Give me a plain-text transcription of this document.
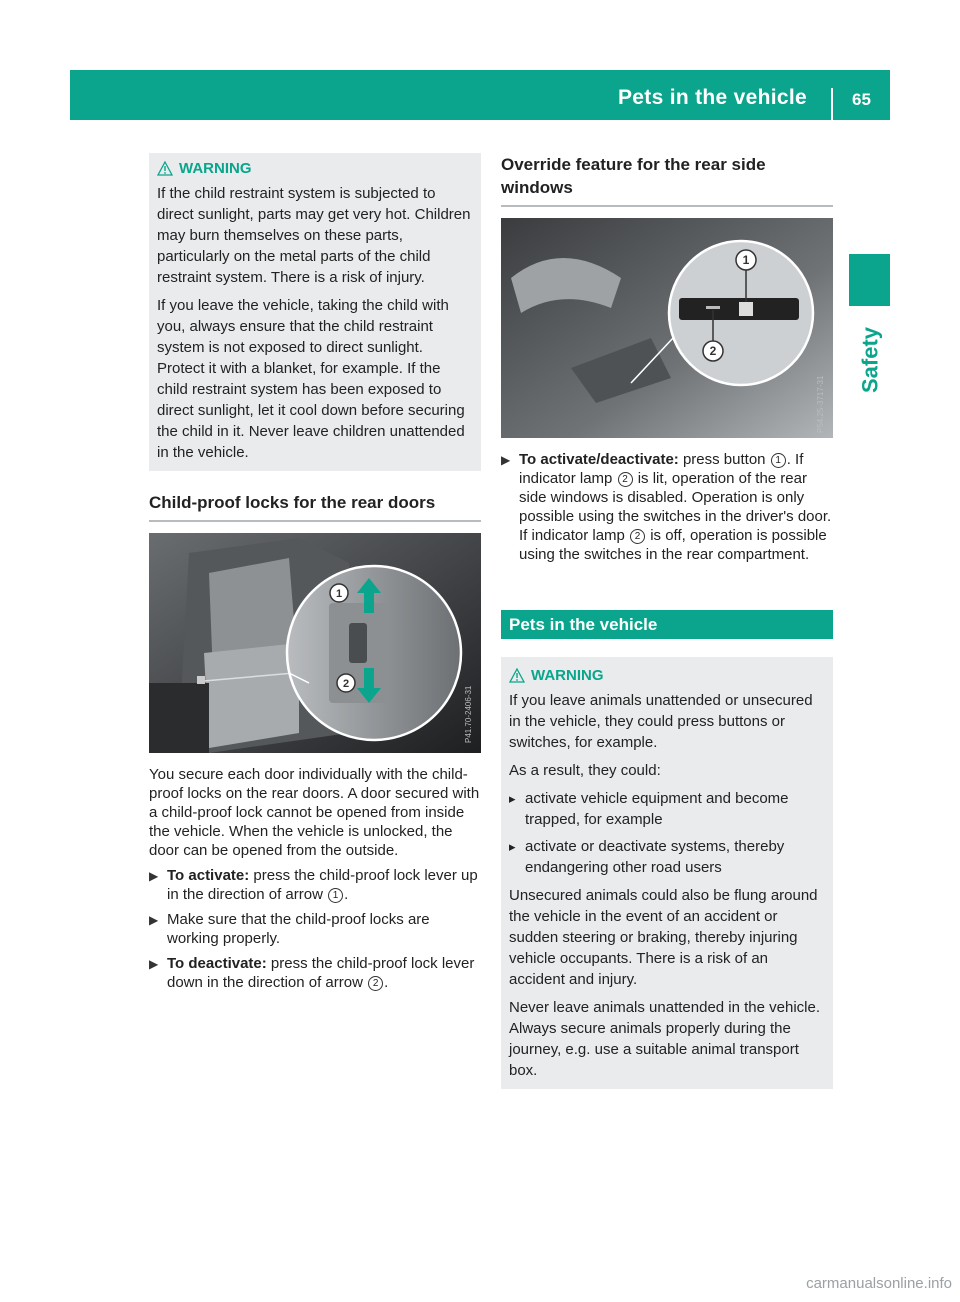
Pets in the vehicle	65
Safety
WARNING

If the child restraint system is subjected to direct sunlight, parts may get very hot. Children may burn themselves on these parts, particularly on the metal parts of the child restraint system. There is a risk of injury.

If you leave the vehicle, taking the child with you, always ensure that the child restraint system is not exposed to direct sunlight. Protect it with a blanket, for example. If the child restraint system has been exposed to direct sunlight, let it cool down before securing the child in it. Never leave children unattended in the vehicle.

Child-proof locks for the rear doors
1
2
P41.70-2406-31

You secure each door individually with the child-proof locks on the rear doors. A door secured with a child-proof lock cannot be opened from inside the vehicle. When the vehicle is unlocked, the door can be opened from the outside.

▶ To activate: press the child-proof lock lever up in the direction of arrow 1 .
▶ Make sure that the child-proof locks are working properly.
▶ To deactivate: press the child-proof lock lever down in the direction of arrow 2 .
Override feature for the rear side windows
1
2
P54.25-3717-31
▶ To activate/deactivate: press button 1 . If indicator lamp 2 is lit, operation of the rear side windows is disabled. Operation is only possible using the switches in the driver's door. If indicator lamp 2 is off, operation is possible using the switches in the rear compartment.
Pets in the vehicle
WARNING

If you leave animals unattended or unsecured in the vehicle, they could press buttons or switches, for example.

As a result, they could:

▸ activate vehicle equipment and become trapped, for example
▸ activate or deactivate systems, thereby endangering other road users

Unsecured animals could also be flung around the vehicle in the event of an accident or sudden steering or braking, thereby injuring vehicle occupants. There is a risk of an accident and injury.

Never leave animals unattended in the vehicle. Always secure animals properly during the journey, e.g. use a suitable animal transport box.

carmanualsonline.info
